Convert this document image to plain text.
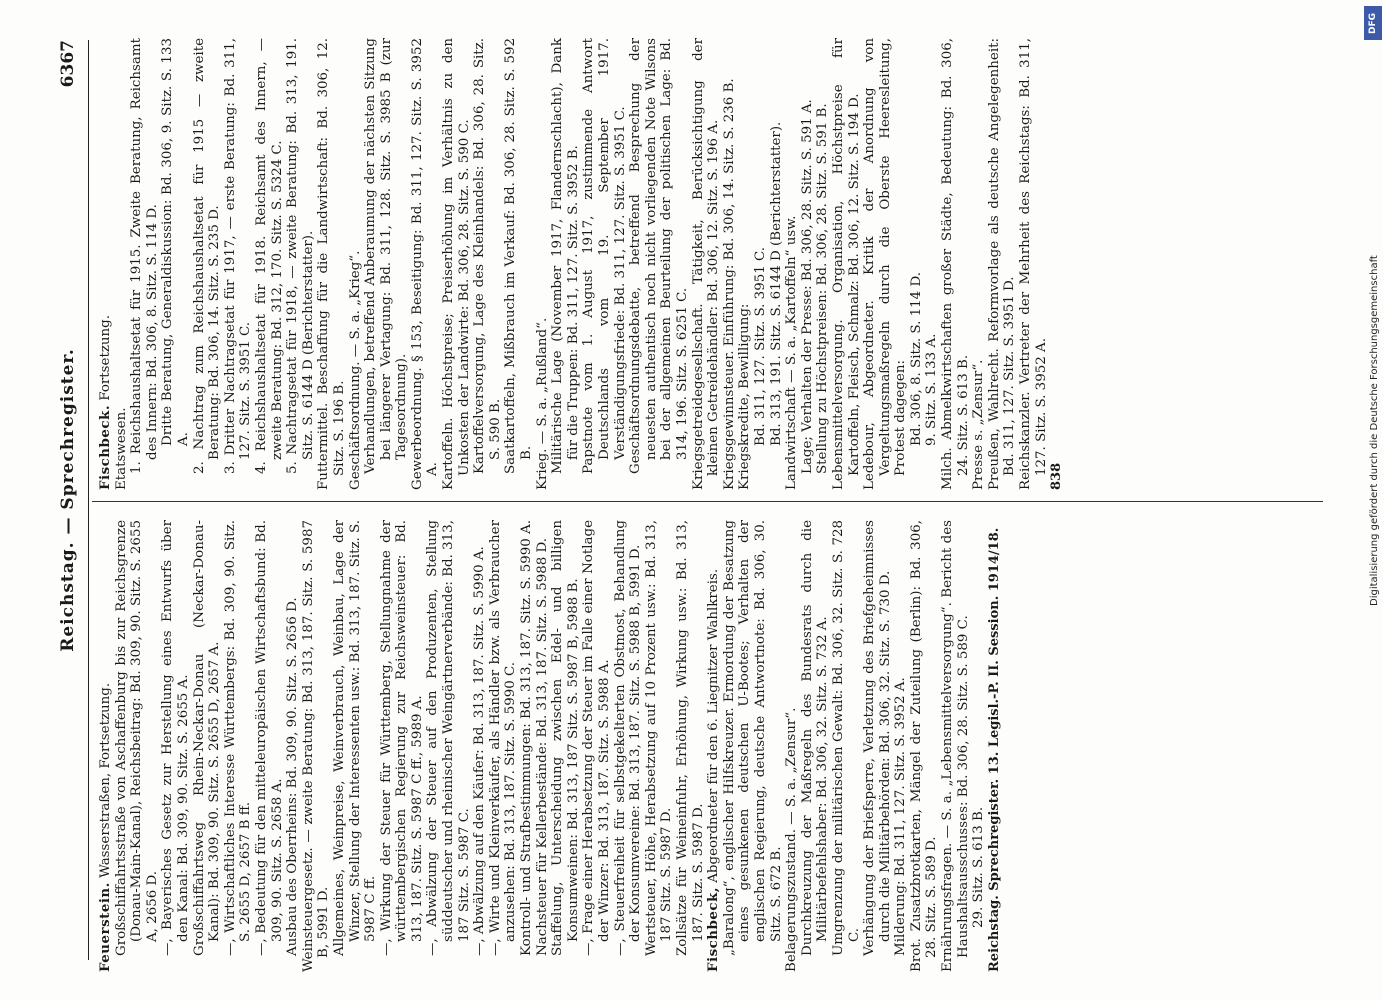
Reichstag. — Sprechregister.
6367

Feuerstein. Wasserstraßen, Fortsetzung. Großschiffahrtsstraße von Aschaffenburg bis zur Reichsgrenze (Donau-Main-Kanal), Reichsbeitrag: Bd. 309, 90. Sitz. S. 2655 A, 2656 D. —, Bayerisches Gesetz zur Herstellung eines Entwurfs über den Kanal: Bd. 309, 90. Sitz. S. 2655 A. Großschiffahrtsweg Rhein-Neckar-Donau (Neckar-Donau-Kanal): Bd. 309, 90. Sitz. S. 2655 D, 2657 A. —, Wirtschaftliches Interesse Württembergs: Bd. 309, 90. Sitz. S. 2655 D, 2657 B ff. —, Bedeutung für den mitteleuropäischen Wirtschaftsbund: Bd. 309, 90. Sitz. S. 2658 A. Ausbau des Oberrheins: Bd. 309, 90. Sitz. S. 2656 D. Weinsteuergesetz. — zweite Beratung: Bd. 313, 187. Sitz. S. 5987 B, 5991 D. Allgemeines, Weinpreise, Weinverbrauch, Weinbau, Lage der Winzer, Stellung der Interessenten usw.: Bd. 313, 187. Sitz. S. 5987 C ff. —, Wirkung der Steuer für Württemberg, Stellungnahme der württembergischen Regierung zur Reichsweinsteuer: Bd. 313, 187. Sitz. S. 5987 C ff., 5989 A. —, Abwälzung der Steuer auf den Produzenten, Stellung süddeutscher und rheinischer Weingärtnerverbände: Bd. 313, 187 Sitz. S. 5987 C. —, Abwälzung auf den Käufer: Bd. 313, 187. Sitz. S. 5990 A. —, Wirte und Kleinverkäufer, als Händler bzw. als Verbraucher anzusehen: Bd. 313, 187. Sitz. S. 5990 C. Kontroll- und Strafbestimmungen: Bd. 313, 187. Sitz. S. 5990 A. Nachsteuer für Kellerbestände: Bd. 313, 187. Sitz. S. 5988 D. Staffelung, Unterscheidung zwischen Edel- und billigen Konsumweinen: Bd. 313, 187 Sitz. S. 5987 B, 5988 B. —, Frage einer Herabsetzung der Steuer im Falle einer Notlage der Winzer: Bd. 313, 187. Sitz. S. 5988 A. —, Steuerfreiheit für selbstgekelterten Obstmost, Behandlung der Konsumvereine: Bd. 313, 187. Sitz. S. 5988 B, 5991 D. Wertsteuer, Höhe, Herabsetzung auf 10 Prozent usw.: Bd. 313, 187 Sitz. S. 5987 D. Zollsätze für Weineinfuhr, Erhöhung, Wirkung usw.: Bd. 313, 187. Sitz. S. 5987 D. Fischbeck, Abgeordneter für den 6. Liegnitzer Wahlkreis. „Baralong“, englischer Hilfskreuzer. Ermordung der Besatzung eines gesunkenen deutschen U-Bootes; Verhalten der englischen Regierung, deutsche Antwortnote: Bd. 306, 30. Sitz. S. 672 B. Belagerungszustand. — S. a. „Zensur“. Durchkreuzung der Maßregeln des Bundesrats durch die Militärbefehlshaber: Bd. 306, 32. Sitz. S. 732 A. Umgrenzung der militärischen Gewalt: Bd. 306, 32. Sitz. S. 728 C. Verhängung der Briefsperre, Verletzung des Briefgeheimnisses durch die Militärbehörden: Bd. 306, 32. Sitz. S. 730 D. Milderung: Bd. 311, 127. Sitz. S. 3952 A. Brot. Zusatzbrotkarten, Mängel der Zuteilung (Berlin): Bd. 306, 28. Sitz. S. 589 D. Ernährungsfragen. — S. a. „Lebensmittelversorgung“. Bericht des Haushaltsausschusses: Bd. 306, 28. Sitz. S. 589 C. 29. Sitz. S. 613 B. Reichstag. Sprechregister. 13. Legisl.-P. II. Session. 1914/18.

Fischbeck. Fortsetzung.

Etatswesen. 1. Reichshaushaltsetat für 1915. Zweite Beratung, Reichsamt des Innern: Bd. 306, 8. Sitz. S. 114 D. Dritte Beratung, Generaldiskussion: Bd. 306, 9. Sitz. S. 133 A. 2. Nachtrag zum Reichshaushaltsetat für 1915 — zweite Beratung: Bd. 306, 14. Sitz. S. 235 D. 3. Dritter Nachtragsetat für 1917, — erste Beratung: Bd. 311, 127. Sitz. S. 3951 C. 4. Reichshaushaltsetat für 1918. Reichsamt des Innern, — zweite Beratung: Bd. 312, 170. Sitz. S. 5324 C. 5. Nachtragsetat für 1918, — zweite Beratung: Bd. 313, 191. Sitz. S. 6144 D (Berichterstatter). Futtermittel. Beschaffung für die Landwirtschaft: Bd. 306, 12. Sitz. S. 196 B. Geschäftsordnung. — S. a. „Krieg“. Verhandlungen, betreffend Anberaumung der nächsten Sitzung bei längerer Vertagung: Bd. 311, 128. Sitz. S. 3985 B (zur Tagesordnung). Gewerbeordnung. § 153, Beseitigung: Bd. 311, 127. Sitz. S. 3952 A. Kartoffeln. Höchstpreise; Preiserhöhung im Verhältnis zu den Unkosten der Landwirte: Bd. 306, 28. Sitz. S. 590 C. Kartoffelversorgung, Lage des Kleinhandels: Bd. 306, 28. Sitz. S. 590 B. Saatkartoffeln, Mißbrauch im Verkauf: Bd. 306, 28. Sitz. S. 592 B. Krieg. — S. a. „Rußland“. Militärische Lage (November 1917, Flandernschlacht), Dank für die Truppen: Bd. 311, 127. Sitz. S. 3952 B. Papstnote vom 1. August 1917, zustimmende Antwort Deutschlands vom 19. September 1917. Verständigungsfriede: Bd. 311, 127. Sitz. S. 3951 C. Geschäftsordnungsdebatte, betreffend Besprechung der neuesten authentisch noch nicht vorliegenden Note Wilsons bei der allgemeinen Beurteilung der politischen Lage: Bd. 314, 196. Sitz. S. 6251 C. Kriegsgetreidegesellschaft. Tätigkeit, Berücksichtigung der kleinen Getreidehändler: Bd. 306, 12. Sitz. S. 196 A. Kriegsgewinnsteuer. Einführung: Bd. 306, 14. Sitz. S. 236 B. Kriegskredite, Bewilligung: Bd. 311, 127. Sitz. S. 3951 C. Bd. 313, 191. Sitz. S. 6144 D (Berichterstatter). Landwirtschaft — S. a. „Kartoffeln“ usw. Lage; Verhalten der Presse: Bd. 306, 28. Sitz. S. 591 A. Stellung zu Höchstpreisen: Bd. 306, 28. Sitz. S. 591 B. Lebensmittelversorgung. Organisation, Höchstpreise für Kartoffeln, Fleisch, Schmalz: Bd. 306, 12. Sitz. S. 194 D. Ledebour, Abgeordneter. Kritik der Anordnung von Vergeltungsmaßregeln durch die Oberste Heeresleitung, Protest dagegen: Bd. 306, 8. Sitz. S. 114 D. 9. Sitz. S. 133 A. Milch. Abmelkwirtschaften großer Städte, Bedeutung: Bd. 306, 24. Sitz. S. 613 B. Presse s. „Zensur“. Preußen, Wahlrecht. Reformvorlage als deutsche Angelegenheit: Bd. 311, 127. Sitz. S. 3951 D. Reichskanzler. Vertreter der Mehrheit des Reichstags: Bd. 311, 127. Sitz. S. 3952 A.

838

DFG
Digitalisierung gefördert durch die Deutsche Forschungsgemeinschaft
